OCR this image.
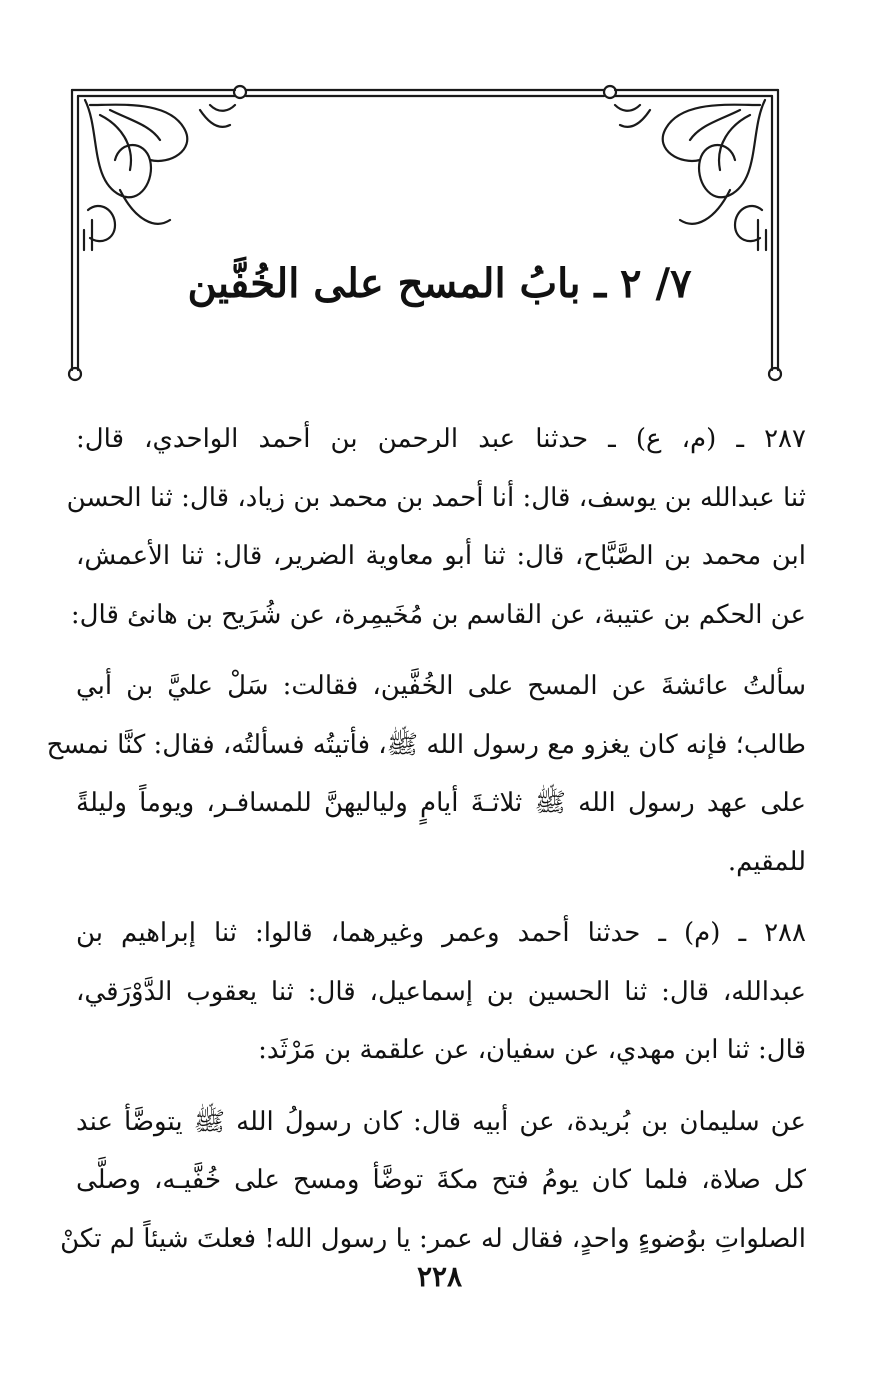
٧/ ٢ ـ بابُ المسح على الخُفَّين
٢٨٧ ـ (م، ع) ـ حدثنا عبد الرحمن بن أحمد الواحدي، قال:
ثنا عبدالله بن يوسف، قال: أنا أحمد بن محمد بن زياد، قال: ثنا الحسن
ابن محمد بن الصَّبَّاح، قال: ثنا أبو معاوية الضرير، قال: ثنا الأعمش،
عن الحكم بن عتيبة، عن القاسم بن مُخَيمِرة، عن شُرَيح بن هانئ قال:
سألتُ عائشةَ عن المسح على الخُفَّين، فقالت: سَلْ عليَّ بن أبي
طالب؛ فإنه كان يغزو مع رسول الله ﷺ، فأتيتُه فسألتُه، فقال: كنَّا نمسح
على عهد رسول الله ﷺ ثلاثـةَ أيامٍ ولياليهنَّ للمسافـر، ويوماً وليلةً
للمقيم.
٢٨٨ ـ (م) ـ حدثنا أحمد وعمر وغيرهما، قالوا: ثنا إبراهيم بن
عبدالله، قال: ثنا الحسين بن إسماعيل، قال: ثنا يعقوب الدَّوْرَقي،
قال: ثنا ابن مهدي، عن سفيان، عن علقمة بن مَرْثَد:
عن سليمان بن بُريدة، عن أبيه قال: كان رسولُ الله ﷺ يتوضَّأ عند
كل صلاة، فلما كان يومُ فتح مكةَ توضَّأ ومسح على خُفَّيـه، وصلَّى
الصلواتِ بوُضوءٍ واحدٍ، فقال له عمر: يا رسول الله! فعلتَ شيئاً لم تكنْ
٢٢٨
